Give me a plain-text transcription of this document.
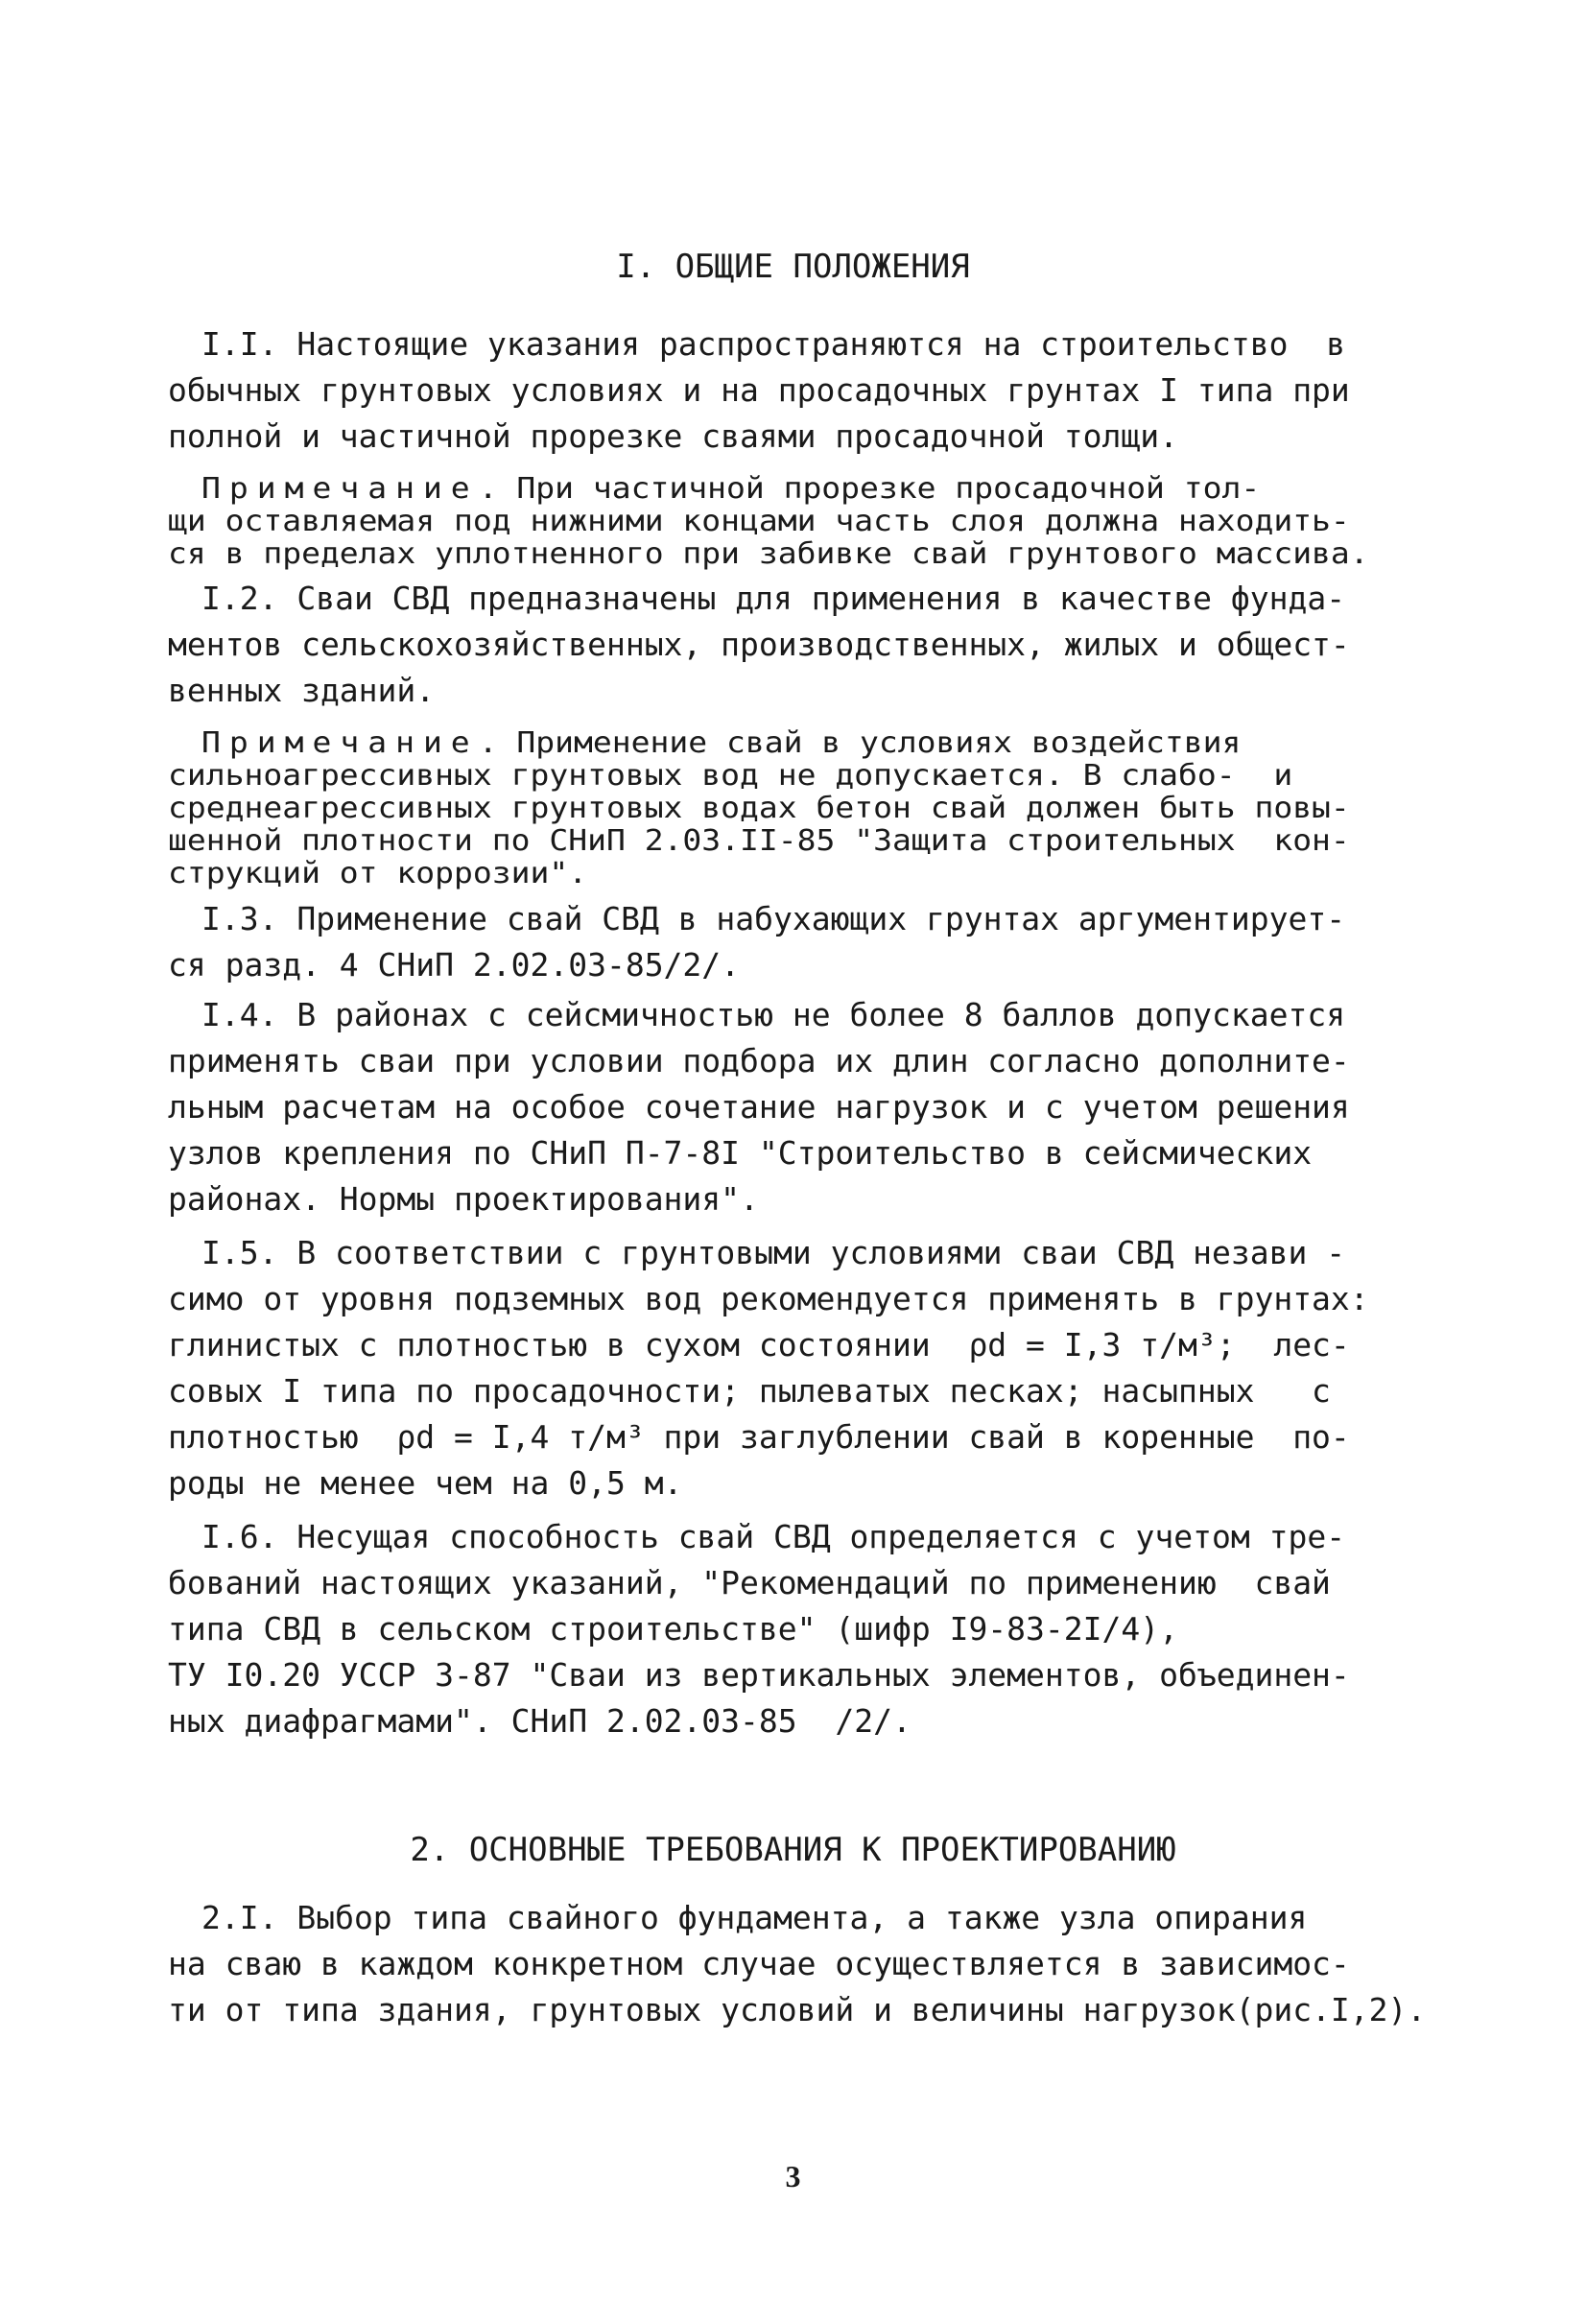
I. ОБЩИЕ ПОЛОЖЕНИЯ
I.I. Настоящие указания распространяются на строительство  в
обычных грунтовых условиях и на просадочных грунтах I типа при
полной и частичной прорезке сваями просадочной толщи.
Примечание. При частичной прорезке просадочной тол-
щи оставляемая под нижними концами часть слоя должна находить-
ся в пределах уплотненного при забивке свай грунтового массива.
I.2. Сваи СВД предназначены для применения в качестве фунда-
ментов сельскохозяйственных, производственных, жилых и общест-
венных зданий.
Примечание. Применение свай в условиях воздействия
сильноагрессивных грунтовых вод не допускается. В слабо-  и
среднеагрессивных грунтовых водах бетон свай должен быть повы-
шенной плотности по СНиП 2.03.II-85 "Защита строительных  кон-
струкций от коррозии".
I.3. Применение свай СВД в набухающих грунтах аргументирует-
ся разд. 4 СНиП 2.02.03-85/2/.
I.4. В районах с сейсмичностью не более 8 баллов допускается
применять сваи при условии подбора их длин согласно дополните-
льным расчетам на особое сочетание нагрузок и с учетом решения
узлов крепления по СНиП П-7-8I "Строительство в сейсмических
районах. Нормы проектирования".
I.5. В соответствии с грунтовыми условиями сваи СВД незави -
симо от уровня подземных вод рекомендуется применять в грунтах:
глинистых с плотностью в сухом состоянии  ρd = I,3 т/м³;  лес-
совых I типа по просадочности; пылеватых песках; насыпных   с
плотностью  ρd = I,4 т/м³ при заглублении свай в коренные  по-
роды не менее чем на 0,5 м.
I.6. Несущая способность свай СВД определяется с учетом тре-
бований настоящих указаний, "Рекомендаций по применению  свай
типа СВД в сельском строительстве" (шифр I9-83-2I/4),
ТУ I0.20 УССР 3-87 "Сваи из вертикальных элементов, объединен-
ных диафрагмами". СНиП 2.02.03-85  /2/.
2. ОСНОВНЫЕ ТРЕБОВАНИЯ К ПРОЕКТИРОВАНИЮ
2.I. Выбор типа свайного фундамента, а также узла опирания
на сваю в каждом конкретном случае осуществляется в зависимос-
ти от типа здания, грунтовых условий и величины нагрузок(рис.I,2).
3
